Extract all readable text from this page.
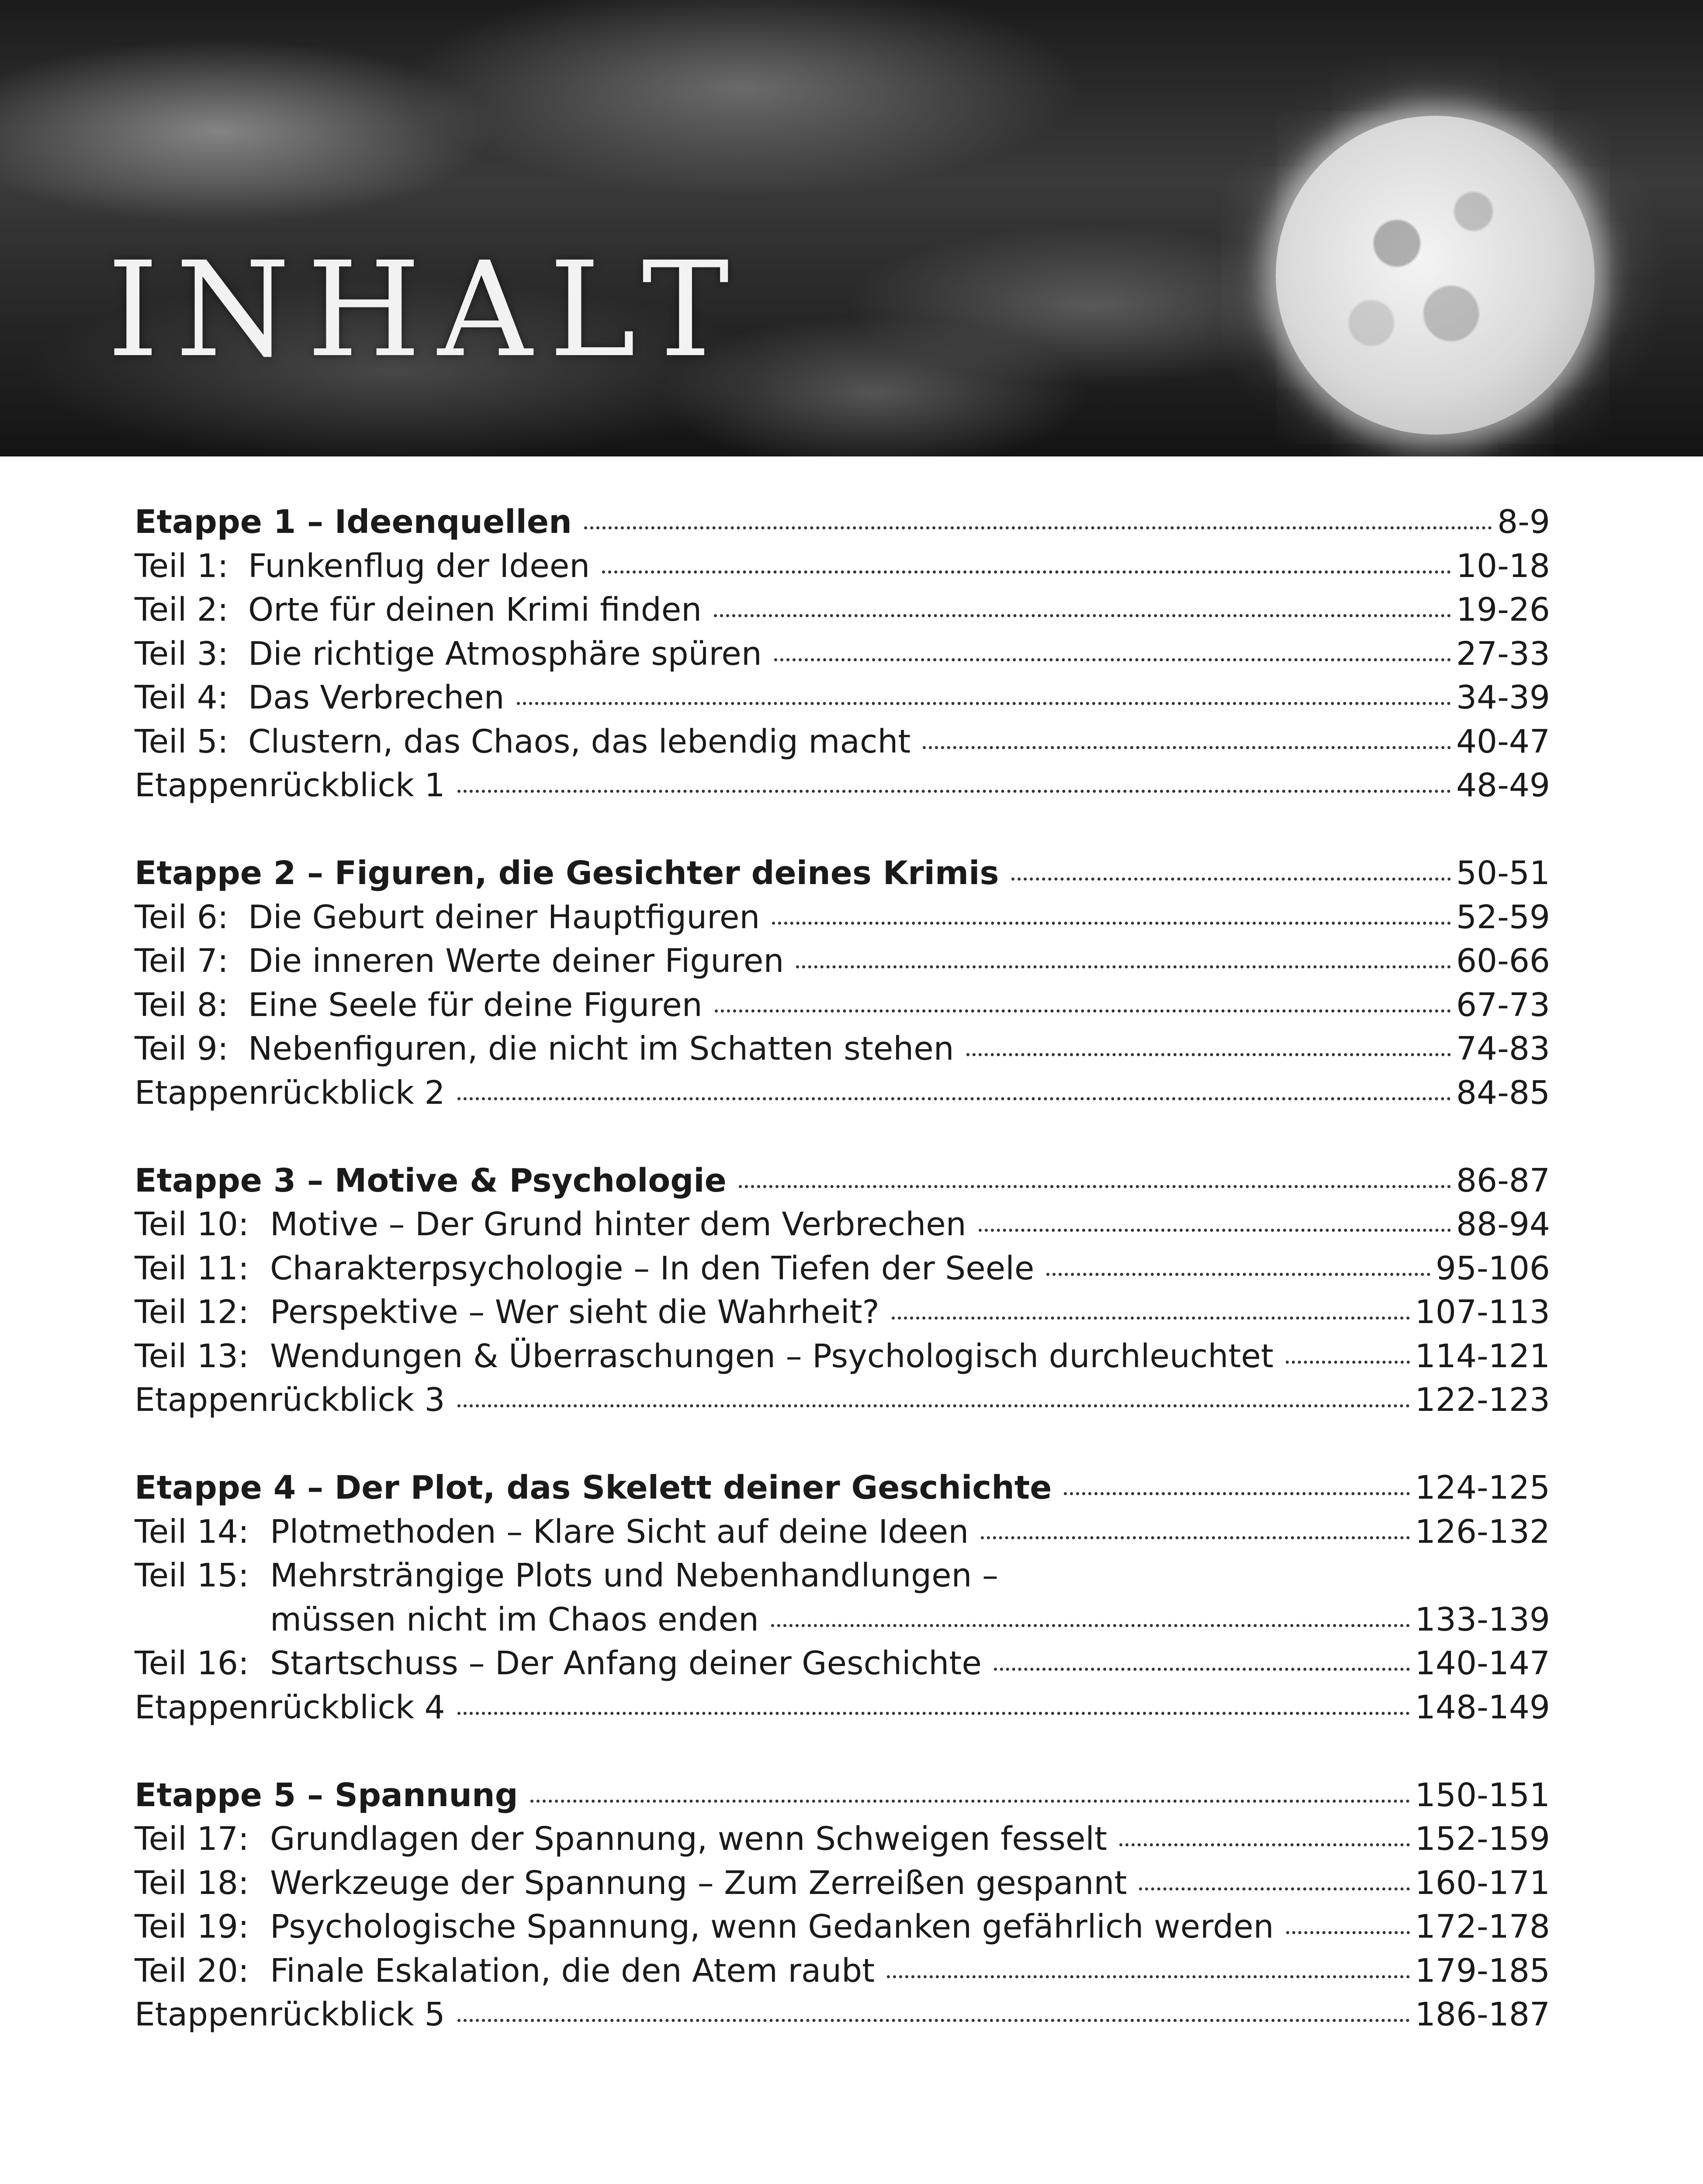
INHALT
Etappe 1 – Ideenquellen	8-9
Teil 1: Funkenflug der Ideen	10-18
Teil 2: Orte für deinen Krimi finden	19-26
Teil 3: Die richtige Atmosphäre spüren	27-33
Teil 4: Das Verbrechen	34-39
Teil 5: Clustern, das Chaos, das lebendig macht	40-47
Etappenrückblick 1	48-49
Etappe 2 – Figuren, die Gesichter deines Krimis	50-51
Teil 6: Die Geburt deiner Hauptfiguren	52-59
Teil 7: Die inneren Werte deiner Figuren	60-66
Teil 8: Eine Seele für deine Figuren	67-73
Teil 9: Nebenfiguren, die nicht im Schatten stehen	74-83
Etappenrückblick 2	84-85
Etappe 3 – Motive & Psychologie	86-87
Teil 10: Motive – Der Grund hinter dem Verbrechen	88-94
Teil 11: Charakterpsychologie – In den Tiefen der Seele	95-106
Teil 12: Perspektive – Wer sieht die Wahrheit?	107-113
Teil 13: Wendungen & Überraschungen – Psychologisch durchleuchtet	114-121
Etappenrückblick 3	122-123
Etappe 4 – Der Plot, das Skelett deiner Geschichte	124-125
Teil 14: Plotmethoden – Klare Sicht auf deine Ideen	126-132
Teil 15: Mehrsträngige Plots und Nebenhandlungen –
müssen nicht im Chaos enden	133-139
Teil 16: Startschuss – Der Anfang deiner Geschichte	140-147
Etappenrückblick 4	148-149
Etappe 5 – Spannung	150-151
Teil 17: Grundlagen der Spannung, wenn Schweigen fesselt	152-159
Teil 18: Werkzeuge der Spannung – Zum Zerreißen gespannt	160-171
Teil 19: Psychologische Spannung, wenn Gedanken gefährlich werden	172-178
Teil 20: Finale Eskalation, die den Atem raubt	179-185
Etappenrückblick 5	186-187
